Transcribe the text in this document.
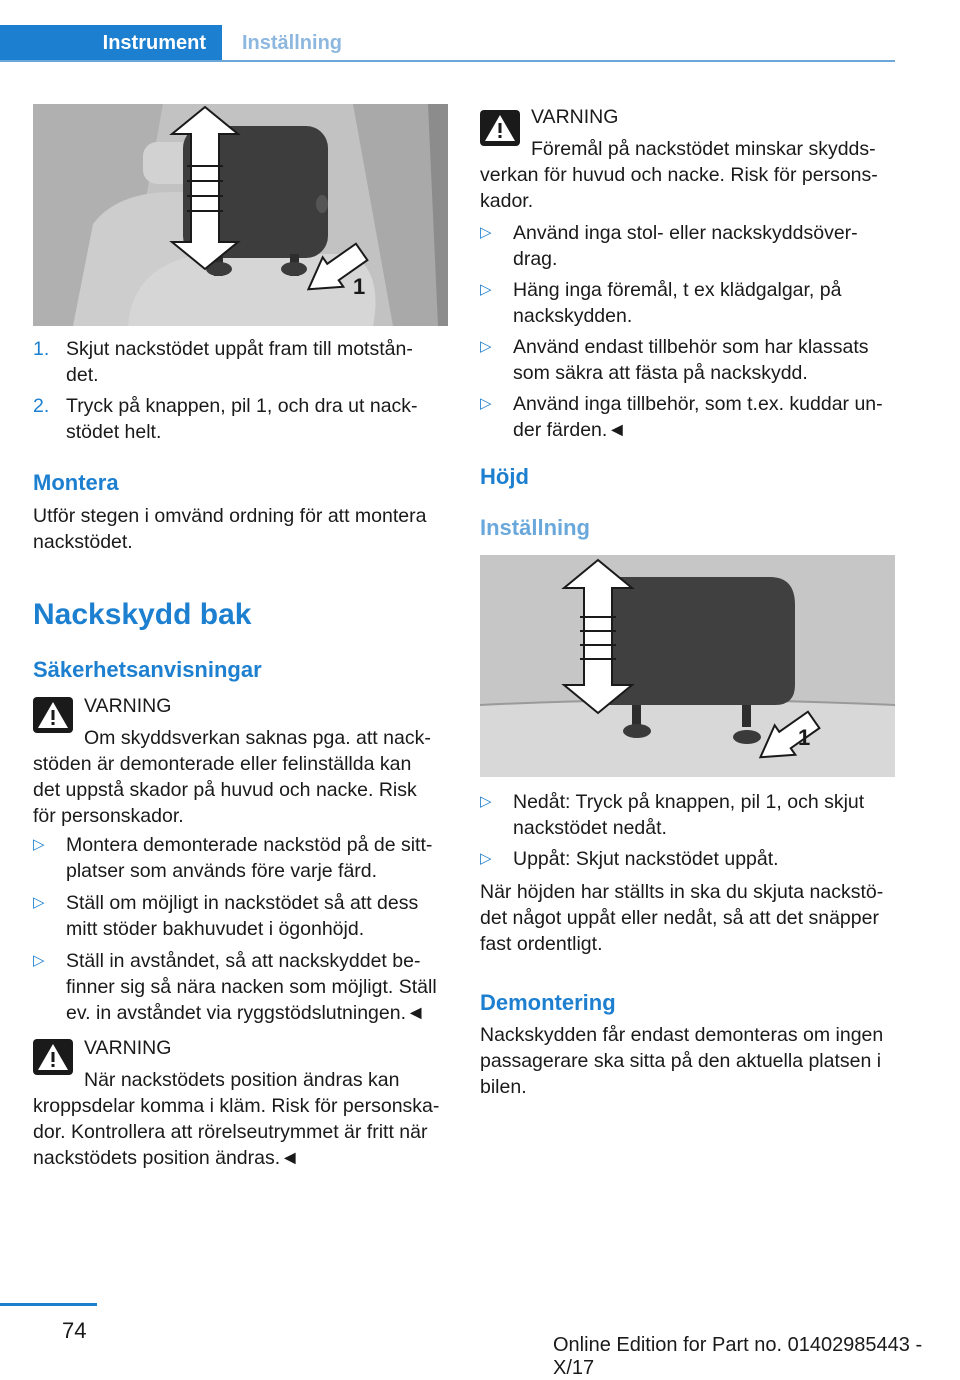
Instrument	Inställning
1
1. Skjut nackstödet uppåt fram till motstån‐
det.
2. Tryck på knappen, pil 1, och dra ut nack‐
stödet helt.
Montera
Utför stegen i omvänd ordning för att montera
nackstödet.
Nackskydd bak
Säkerhetsanvisningar
VARNING
Om skyddsverkan saknas pga. att nack‐
stöden är demonterade eller felinställda kan
det uppstå skador på huvud och nacke. Risk
för personskador.
▷ Montera demonterade nackstöd på de sitt‐
platser som används före varje färd.
▷ Ställ om möjligt in nackstödet så att dess
mitt stöder bakhuvudet i ögonhöjd.
▷ Ställ in avståndet, så att nackskyddet be‐
finner sig så nära nacken som möjligt. Ställ
ev. in avståndet via ryggstödslutningen.◄
VARNING
När nackstödets position ändras kan
kroppsdelar komma i kläm. Risk för personska‐
dor. Kontrollera att rörelseutrymmet är fritt när
nackstödets position ändras.◄
VARNING
Föremål på nackstödet minskar skydds‐
verkan för huvud och nacke. Risk för persons‐
kador.
▷ Använd inga stol- eller nackskyddsöver‐
drag.
▷ Häng inga föremål, t ex klädgalgar, på
nackskydden.
▷ Använd endast tillbehör som har klassats
som säkra att fästa på nackskydd.
▷ Använd inga tillbehör, som t.ex. kuddar un‐
der färden.◄
Höjd
Inställning
1
▷ Nedåt: Tryck på knappen, pil 1, och skjut
nackstödet nedåt.
▷ Uppåt: Skjut nackstödet uppåt.
När höjden har ställts in ska du skjuta nackstö‐
det något uppåt eller nedåt, så att det snäpper
fast ordentligt.
Demontering
Nackskydden får endast demonteras om ingen
passagerare ska sitta på den aktuella platsen i
bilen.
74
Online Edition for Part no. 01402985443 - X/17
